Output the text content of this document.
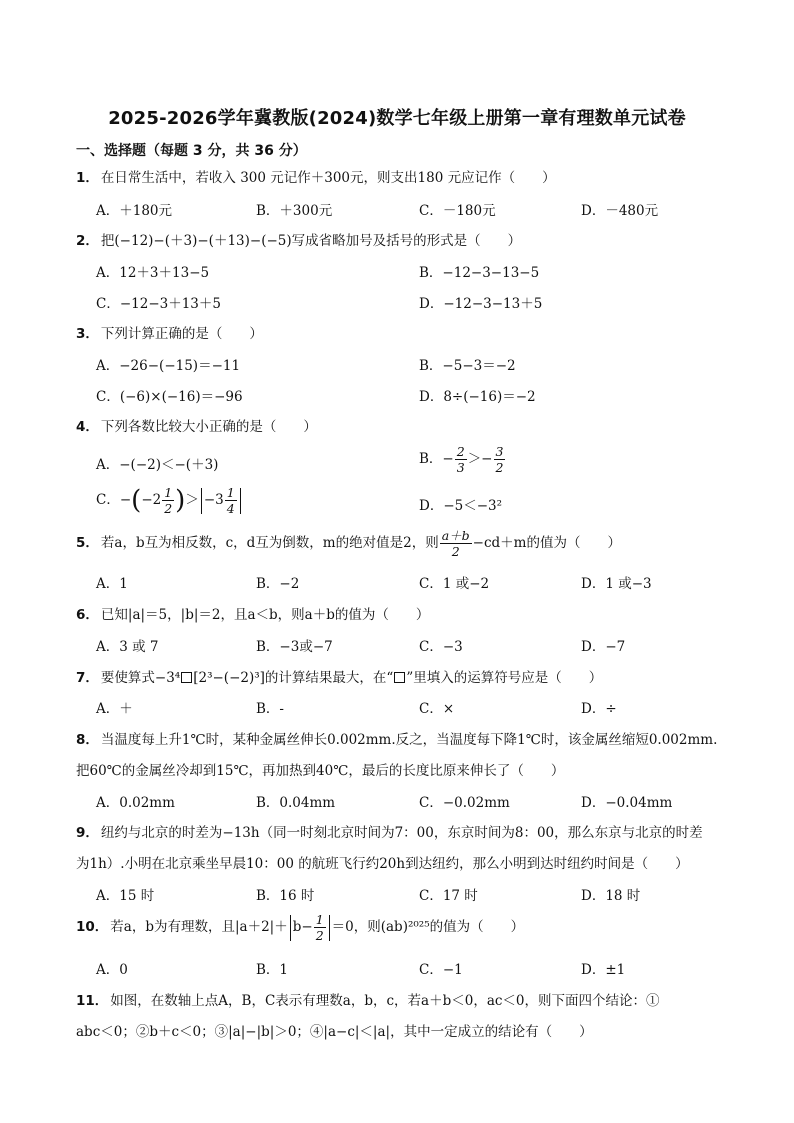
2025-2026学年冀教版(2024)数学七年级上册第一章有理数单元试卷
一、选择题（每题 3 分，共 36 分）
1． 在日常生活中，若收入 300 元记作＋300元，则支出180 元应记作（　　）
A．＋180元	B．＋300元	C．－180元	D．－480元
2． 把(−12)−(＋3)−(＋13)−(−5)写成省略加号及括号的形式是（　　）
A．12＋3＋13−5	B．−12−3−13−5
C．−12−3＋13＋5	D．−12−3−13＋5
3． 下列计算正确的是（　　）
A．−26−(−15)＝−11	B．−5−3＝−2
C．(−6)×(−16)＝−96	D．8÷(−16)＝−2
4． 下列各数比较大小正确的是（　　）
A．−(−2)＜−(＋3)	B．− $\frac{2}{3} >- \frac{3}{2}$
C．$-(-2 \frac{1}{2}$ )＞ $-3 \frac{1}{4}$	D．−5＜−3²
5． 若a，b互为相反数，c，d互为倒数，m的绝对值是2，则 $\frac{a+b}{2} -cd+m$的值为（　　）
A．1	B．−2	C．1 或−2	D．1 或−3
6． 已知|a|＝5，|b|＝2，且a＜b，则a＋b的值为（　　）
A．3 或 7	B．−3或−7	C．−3	D．−7
7． 要使算式−3⁴ [2³−(−2)³]的计算结果最大，在“ ”里填入的运算符号应是（　　）
A．＋	B．-	C．×	D．÷
8． 当温度每上升1℃时，某种金属丝伸长0.002mm.反之，当温度每下降1℃时，该金属丝缩短0.002mm.
把60℃的金属丝冷却到15℃，再加热到40℃，最后的长度比原来伸长了（　　）
A．0.02mm	B．0.04mm	C．−0.02mm	D．−0.04mm
9． 纽约与北京的时差为−13h（同一时刻北京时间为7：00，东京时间为8：00，那么东京与北京的时差
为1h）.小明在北京乘坐早晨10：00 的航班飞行约20h到达纽约，那么小明到达时纽约时间是（　　）
A．15 时	B．16 时	C．17 时	D．18 时
10． 若a，b为有理数，且$|a+2|+ b- \frac{1}{2} =0$，则(ab)²⁰²⁵的值为（　　）
A．0	B．1	C．−1	D．±1
11． 如图，在数轴上点A，B，C表示有理数a，b，c，若a＋b＜0，ac＜0，则下面四个结论：①
abc＜0；②b＋c＜0；③|a|−|b|＞0；④|a−c|＜|a|，其中一定成立的结论有（　　）
